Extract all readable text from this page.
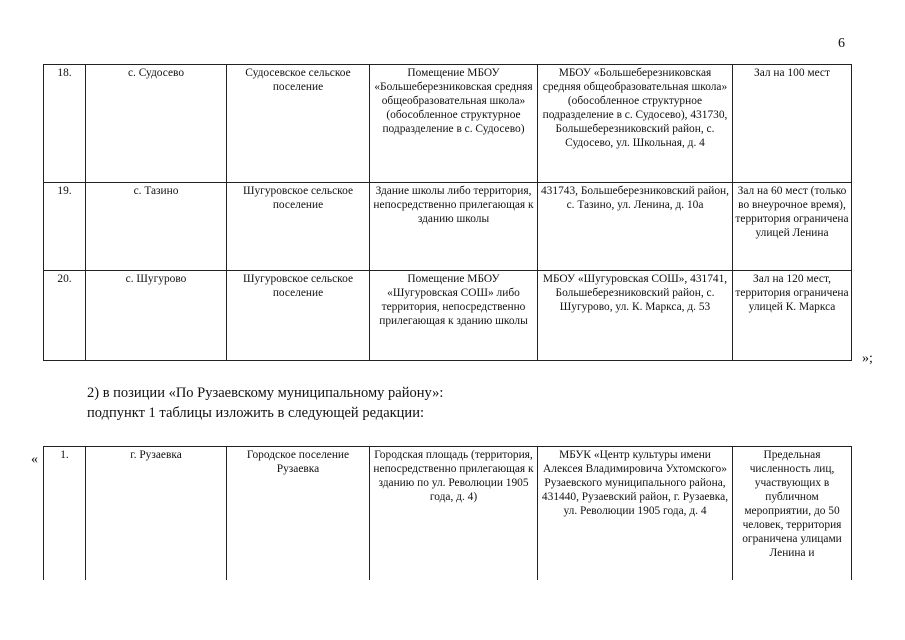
6
18.	с. Судосево	Судосевское сельское поселение	Помещение МБОУ «Большеберезниковская средняя общеобразовательная школа» (обособленное структурное подразделение в с. Судосево)	МБОУ «Большеберезниковская средняя общеобразовательная школа» (обособленное структурное подразделение в с. Судосево), 431730, Большеберезниковский район, с. Судосево, ул. Школьная, д. 4	Зал на 100 мест
19.	с. Тазино	Шугуровское сельское поселение	Здание школы либо территория, непосредственно прилегающая к зданию школы	431743, Большеберезниковский район, с. Тазино, ул. Ленина, д. 10а	Зал на 60 мест (только во внеурочное время), территория ограничена улицей Ленина
20.	с. Шугурово	Шугуровское сельское поселение	Помещение МБОУ «Шугуровская СОШ» либо территория, непосредственно прилегающая к зданию школы	МБОУ «Шугуровская СОШ», 431741, Большеберезниковский район, с. Шугурово, ул. К. Маркса, д. 53	Зал на 120 мест, территория ограничена улицей К. Маркса
»;
2) в позиции «По Рузаевскому муниципальному району»:
подпункт 1 таблицы изложить в следующей редакции:
« 1.	г. Рузаевка	Городское поселение Рузаевка	Городская площадь (территория, непосредственно прилегающая к зданию по ул. Революции 1905 года, д. 4)	МБУК «Центр культуры имени Алексея Владимировича Ухтомского» Рузаевского муниципального района, 431440, Рузаевский район, г. Рузаевка, ул. Революции 1905 года, д. 4	Предельная численность лиц, участвующих в публичном мероприятии, до 50 человек, территория ограничена улицами Ленина и
